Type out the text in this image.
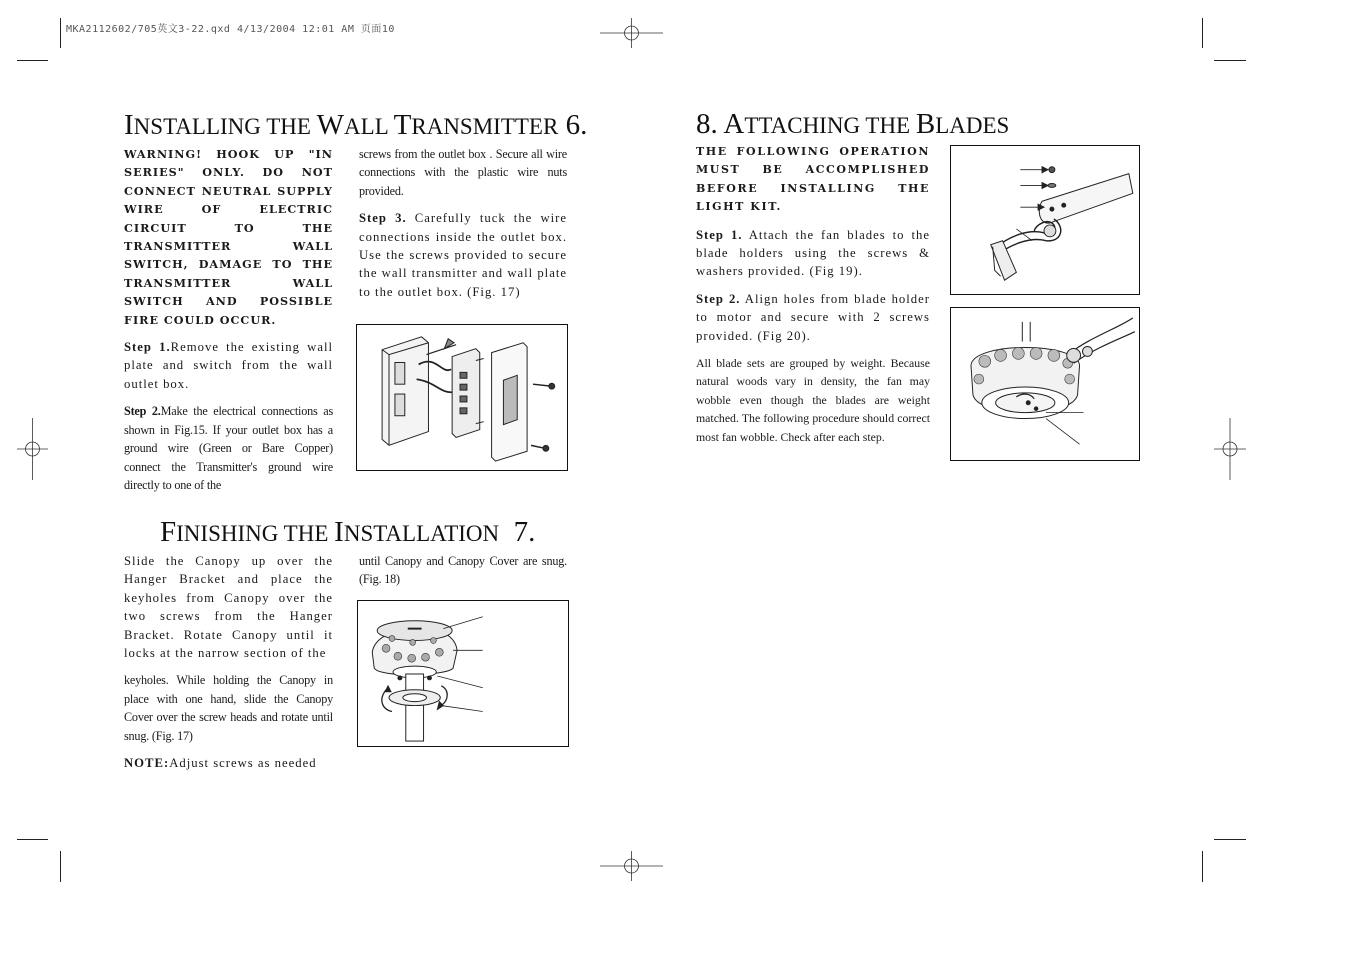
MKA2112602/705英文3-22.qxd 4/13/2004 12:01 AM 页面10
INSTALLING THE WALL TRANSMITTER 6.

WARNING! HOOK UP "IN SERIES" ONLY. DO NOT CONNECT NEUTRAL SUPPLY WIRE OF ELECTRIC CIRCUIT TO THE TRANSMITTER WALL SWITCH, DAMAGE TO THE TRANSMITTER WALL SWITCH AND POSSIBLE FIRE COULD OCCUR.

Step 1.Remove the existing wall plate and switch from the wall outlet box.

Step 2.Make the electrical connections as shown in Fig.15. If your outlet box has a ground wire (Green or Bare Copper) connect the Transmitter's ground wire directly to one of the

screws from the outlet box . Secure all wire connections with the plastic wire nuts provided.

Step 3. Carefully tuck the wire connections inside the outlet box. Use the screws provided to secure the wall transmitter and wall plate to the outlet box. (Fig. 17)

FINISHING THE INSTALLATION  7.

Slide the Canopy up over the Hanger Bracket and place the keyholes from Canopy over the two screws from the Hanger Bracket. Rotate Canopy until it locks at the narrow section of the

keyholes. While holding the Canopy in place with one hand, slide the Canopy Cover over the screw heads and rotate until snug. (Fig. 17)

NOTE:Adjust screws as needed

until Canopy and Canopy Cover are snug. (Fig. 18)

8. ATTACHING THE BLADES

THE FOLLOWING OPERATION MUST BE ACCOMPLISHED BEFORE INSTALLING THE LIGHT KIT.

Step 1. Attach the fan blades to the blade holders using the screws & washers provided. (Fig 19).

Step 2. Align holes from blade holder to motor and secure with 2 screws provided. (Fig 20).

All blade sets are grouped by weight. Because natural woods vary in density, the fan may wobble even though the blades are weight matched. The following procedure should correct most fan wobble. Check after each step.
